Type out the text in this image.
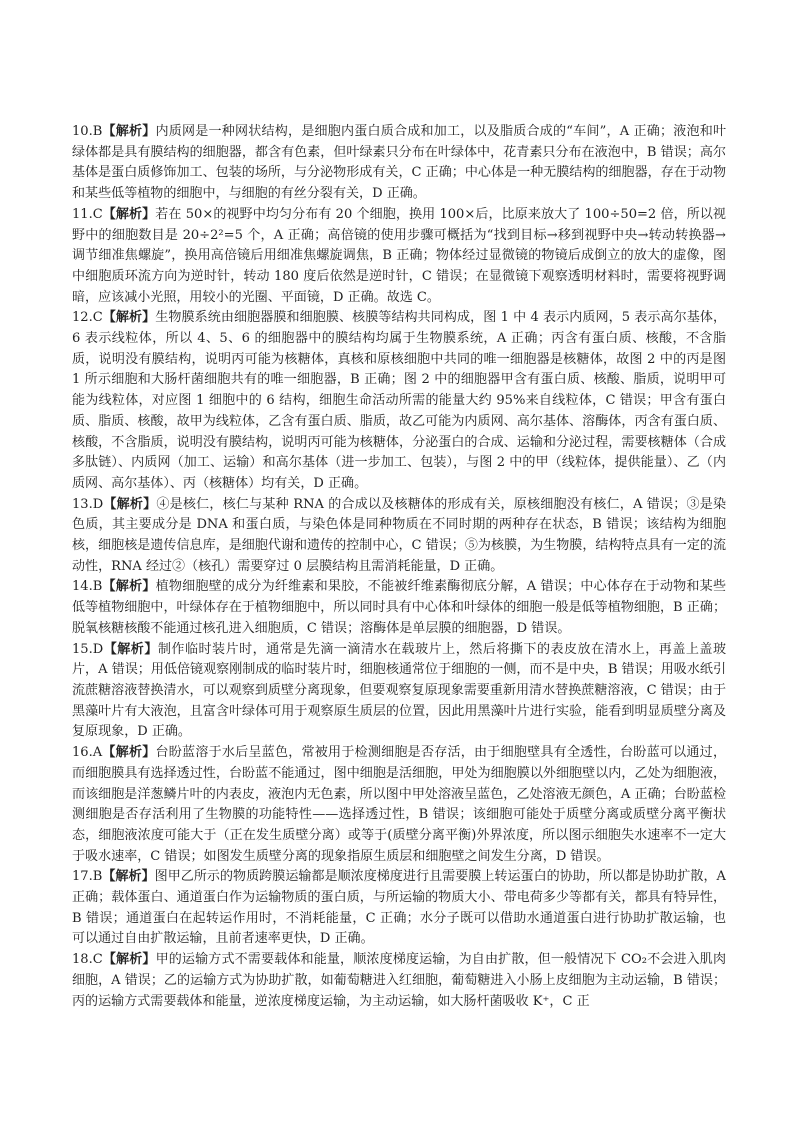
10.B【解析】内质网是一种网状结构，是细胞内蛋白质合成和加工，以及脂质合成的“车间”，A 正确；液泡和叶绿体都是具有膜结构的细胞器，都含有色素，但叶绿素只分布在叶绿体中，花青素只分布在液泡中，B 错误；高尔基体是蛋白质修饰加工、包装的场所，与分泌物形成有关，C 正确；中心体是一种无膜结构的细胞器，存在于动物和某些低等植物的细胞中，与细胞的有丝分裂有关，D 正确。

11.C【解析】若在 50×的视野中均匀分布有 20 个细胞，换用 100×后，比原来放大了 100÷50=2 倍，所以视野中的细胞数目是 20÷2²=5 个，A 正确；高倍镜的使用步骤可概括为“找到目标→移到视野中央→转动转换器→调节细准焦螺旋”，换用高倍镜后用细准焦螺旋调焦，B 正确；物体经过显微镜的物镜后成倒立的放大的虚像，图中细胞质环流方向为逆时针，转动 180 度后依然是逆时针，C 错误；在显微镜下观察透明材料时，需要将视野调暗，应该减小光照，用较小的光圈、平面镜，D 正确。故选 C。

12.C【解析】生物膜系统由细胞器膜和细胞膜、核膜等结构共同构成，图 1 中 4 表示内质网，5 表示高尔基体，6 表示线粒体，所以 4、5、6 的细胞器中的膜结构均属于生物膜系统，A 正确；丙含有蛋白质、核酸，不含脂质，说明没有膜结构，说明丙可能为核糖体，真核和原核细胞中共同的唯一细胞器是核糖体，故图 2 中的丙是图 1 所示细胞和大肠杆菌细胞共有的唯一细胞器，B 正确；图 2 中的细胞器甲含有蛋白质、核酸、脂质，说明甲可能为线粒体，对应图 1 细胞中的 6 结构，细胞生命活动所需的能量大约 95%来自线粒体，C 错误；甲含有蛋白质、脂质、核酸，故甲为线粒体，乙含有蛋白质、脂质，故乙可能为内质网、高尔基体、溶酶体，丙含有蛋白质、核酸，不含脂质，说明没有膜结构，说明丙可能为核糖体，分泌蛋白的合成、运输和分泌过程，需要核糖体（合成多肽链）、内质网（加工、运输）和高尔基体（进一步加工、包装），与图 2 中的甲（线粒体，提供能量）、乙（内质网、高尔基体）、丙（核糖体）均有关，D 正确。

13.D【解析】④是核仁，核仁与某种 RNA 的合成以及核糖体的形成有关，原核细胞没有核仁，A 错误；③是染色质，其主要成分是 DNA 和蛋白质，与染色体是同种物质在不同时期的两种存在状态，B 错误；该结构为细胞核，细胞核是遗传信息库，是细胞代谢和遗传的控制中心，C 错误；⑤为核膜，为生物膜，结构特点具有一定的流动性，RNA 经过②（核孔）需要穿过 0 层膜结构且需消耗能量，D 正确。

14.B【解析】植物细胞壁的成分为纤维素和果胶，不能被纤维素酶彻底分解，A 错误；中心体存在于动物和某些低等植物细胞中，叶绿体存在于植物细胞中，所以同时具有中心体和叶绿体的细胞一般是低等植物细胞，B 正确；脱氧核糖核酸不能通过核孔进入细胞质，C 错误；溶酶体是单层膜的细胞器，D 错误。

15.D【解析】制作临时装片时，通常是先滴一滴清水在载玻片上，然后将撕下的表皮放在清水上，再盖上盖玻片，A 错误；用低倍镜观察刚制成的临时装片时，细胞核通常位于细胞的一侧，而不是中央，B 错误；用吸水纸引流蔗糖溶液替换清水，可以观察到质壁分离现象，但要观察复原现象需要重新用清水替换蔗糖溶液，C 错误；由于黑藻叶片有大液泡，且富含叶绿体可用于观察原生质层的位置，因此用黑藻叶片进行实验，能看到明显质壁分离及复原现象，D 正确。

16.A【解析】台盼蓝溶于水后呈蓝色，常被用于检测细胞是否存活，由于细胞壁具有全透性，台盼蓝可以通过，而细胞膜具有选择透过性，台盼蓝不能通过，图中细胞是活细胞，甲处为细胞膜以外细胞壁以内，乙处为细胞液，而该细胞是洋葱鳞片叶的内表皮，液泡内无色素，所以图中甲处溶液呈蓝色，乙处溶液无颜色，A 正确；台盼蓝检测细胞是否存活利用了生物膜的功能特性——选择透过性，B 错误；该细胞可能处于质壁分离或质壁分离平衡状态，细胞液浓度可能大于（正在发生质壁分离）或等于(质壁分离平衡)外界浓度，所以图示细胞失水速率不一定大于吸水速率，C 错误；如图发生质壁分离的现象指原生质层和细胞壁之间发生分离，D 错误。

17.B【解析】图甲乙所示的物质跨膜运输都是顺浓度梯度进行且需要膜上转运蛋白的协助，所以都是协助扩散，A 正确；载体蛋白、通道蛋白作为运输物质的蛋白质，与所运输的物质大小、带电荷多少等都有关，都具有特异性，B 错误；通道蛋白在起转运作用时，不消耗能量，C 正确；水分子既可以借助水通道蛋白进行协助扩散运输，也可以通过自由扩散运输，且前者速率更快，D 正确。

18.C【解析】甲的运输方式不需要载体和能量，顺浓度梯度运输，为自由扩散，但一般情况下 CO₂不会进入肌肉细胞，A 错误；乙的运输方式为协助扩散，如葡萄糖进入红细胞，葡萄糖进入小肠上皮细胞为主动运输，B 错误；丙的运输方式需要载体和能量，逆浓度梯度运输，为主动运输，如大肠杆菌吸收 K⁺，C 正
